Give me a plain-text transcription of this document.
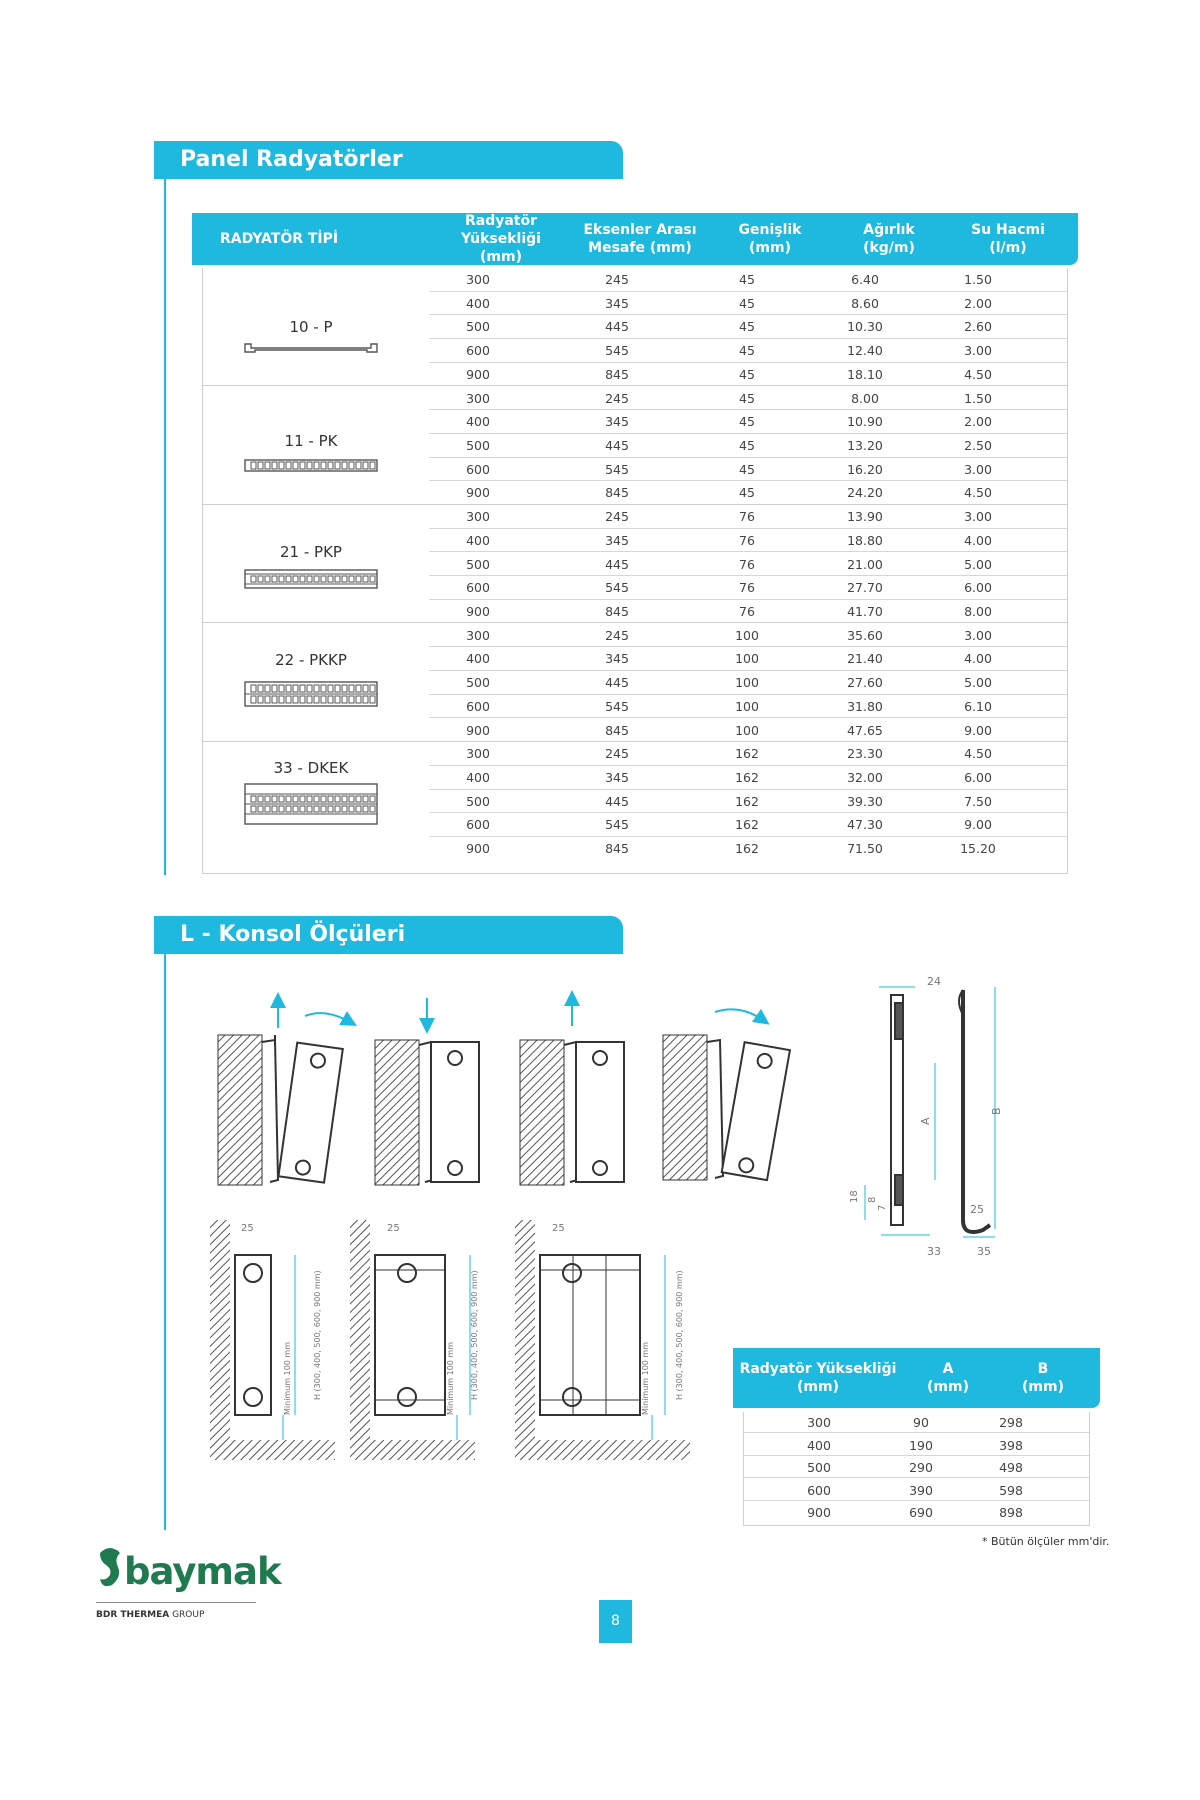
Panel Radyatörler
RADYATÖR TİPİ
Radyatör
Yüksekliği (mm)
Eksenler Arası
Mesafe (mm)
Genişlik
(mm)
Ağırlık
(kg/m)
Su Hacmi
(l/m)
10 - P
300	245	45	6.40	1.50
400	345	45	8.60	2.00
500	445	45	10.30	2.60
600	545	45	12.40	3.00
900	845	45	18.10	4.50
11 - PK
300	245	45	8.00	1.50
400	345	45	10.90	2.00
500	445	45	13.20	2.50
600	545	45	16.20	3.00
900	845	45	24.20	4.50
21 - PKP
300	245	76	13.90	3.00
400	345	76	18.80	4.00
500	445	76	21.00	5.00
600	545	76	27.70	6.00
900	845	76	41.70	8.00
22 - PKKP
300	245	100	35.60	3.00
400	345	100	21.40	4.00
500	445	100	27.60	5.00
600	545	100	31.80	6.10
900	845	100	47.65	9.00
33 - DKEK
300	245	162	23.30	4.50
400	345	162	32.00	6.00
500	445	162	39.30	7.50
600	545	162	47.30	9.00
900	845	162	71.50	15.20
L - Konsol Ölçüleri
24
A
B
18 8
7	25
33	35
25
Minimum 100 mm	H (300, 400, 500, 600, 900 mm)
25
Minimum 100 mm H (300, 400, 500, 600, 900 mm)
25
Minimum 100 mm	H (300, 400, 500, 600, 900 mm)	Radyatör Yüksekliği
(mm)
A
(mm)
B
(mm)
300	90	298
400	190	398
500	290	498
600	390	598
900	690	898
* Bütün ölçüler mm'dir.
baymak
BDR THERMEA GROUP	8
